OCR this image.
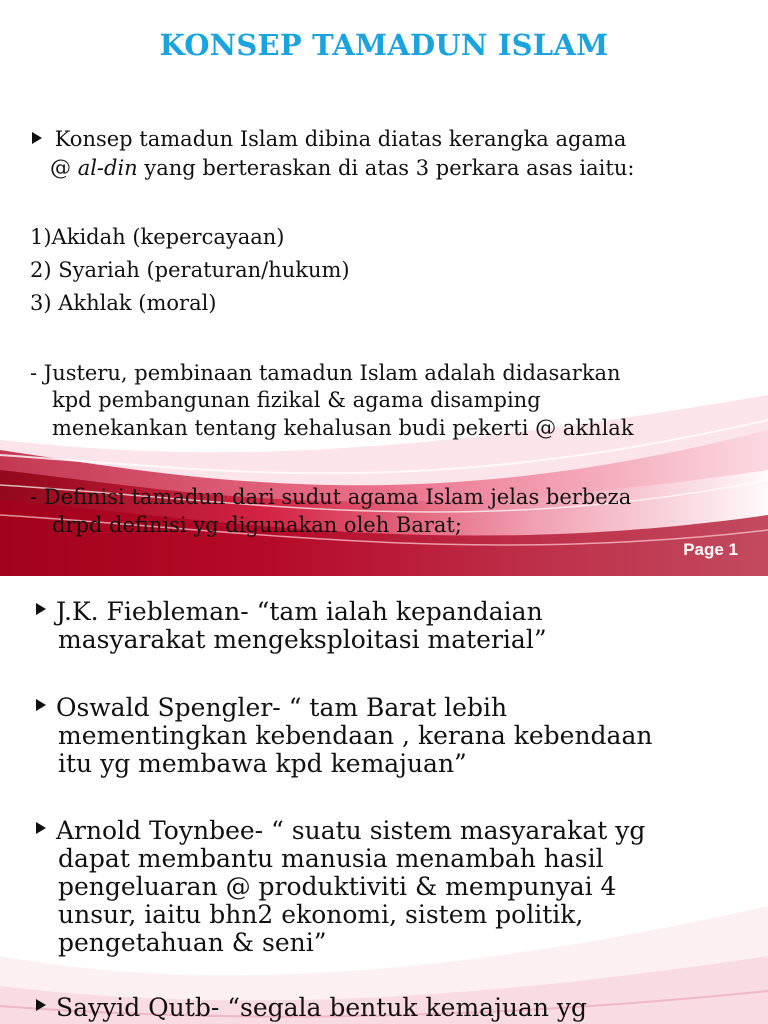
KONSEP TAMADUN ISLAM
Konsep tamadun Islam dibina diatas kerangka agama
@ al-din yang berteraskan di atas 3 perkara asas iaitu:
1)Akidah (kepercayaan)
2) Syariah (peraturan/hukum)
3) Akhlak (moral)
- Justeru, pembinaan tamadun Islam adalah didasarkan
kpd pembangunan fizikal & agama disamping
menekankan tentang kehalusan budi pekerti @ akhlak
- Definisi tamadun dari sudut agama Islam jelas berbeza
drpd definisi yg digunakan oleh Barat;
Page 1
J.K. Fiebleman- “tam ialah kepandaian
masyarakat mengeksploitasi material”
Oswald Spengler- “ tam Barat lebih
mementingkan kebendaan , kerana kebendaan
itu yg membawa kpd kemajuan”
Arnold Toynbee- “ suatu sistem masyarakat yg
dapat membantu manusia menambah hasil
pengeluaran @ produktiviti & mempunyai 4
unsur, iaitu bhn2 ekonomi, sistem politik,
pengetahuan & seni”
Sayyid Qutb- “segala bentuk kemajuan yg
